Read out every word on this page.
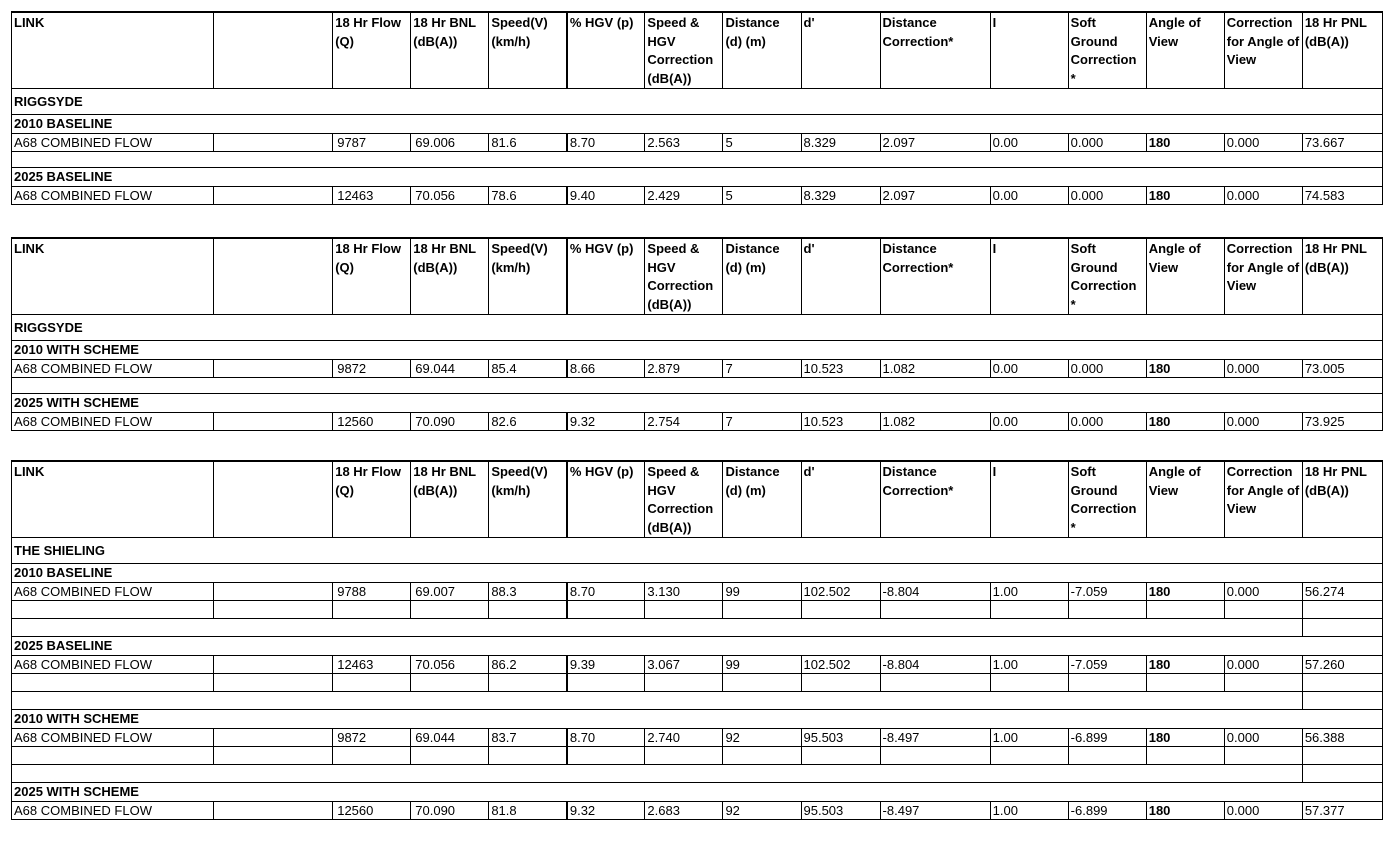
LINK		18 Hr Flow (Q)	18 Hr BNL (dB(A))	Speed(V) (km/h)	% HGV (p)	Speed & HGV Correction (dB(A))	Distance (d) (m)	d'	Distance Correction*	I	Soft Ground Correction *	Angle of View	Correction for Angle of View	18 Hr PNL (dB(A))
RIGGSYDE														
2010 BASELINE														
A68 COMBINED FLOW		9787	69.006	81.6	8.70	2.563	5	8.329	2.097	0.00	0.000	180	0.000	73.667

2025 BASELINE														
A68 COMBINED FLOW		12463	70.056	78.6	9.40	2.429	5	8.329	2.097	0.00	0.000	180	0.000	74.583
LINK		18 Hr Flow (Q)	18 Hr BNL (dB(A))	Speed(V) (km/h)	% HGV (p)	Speed & HGV Correction (dB(A))	Distance (d) (m)	d'	Distance Correction*	I	Soft Ground Correction *	Angle of View	Correction for Angle of View	18 Hr PNL (dB(A))
RIGGSYDE														
2010 WITH SCHEME														
A68 COMBINED FLOW		9872	69.044	85.4	8.66	2.879	7	10.523	1.082	0.00	0.000	180	0.000	73.005

2025 WITH SCHEME														
A68 COMBINED FLOW		12560	70.090	82.6	9.32	2.754	7	10.523	1.082	0.00	0.000	180	0.000	73.925
LINK		18 Hr Flow (Q)	18 Hr BNL (dB(A))	Speed(V) (km/h)	% HGV (p)	Speed & HGV Correction (dB(A))	Distance (d) (m)	d'	Distance Correction*	I	Soft Ground Correction *	Angle of View	Correction for Angle of View	18 Hr PNL (dB(A))
THE SHIELING														
2010 BASELINE														
A68 COMBINED FLOW		9788	69.007	88.3	8.70	3.130	99	102.502	-8.804	1.00	-7.059	180	0.000	56.274

2025 BASELINE														
A68 COMBINED FLOW		12463	70.056	86.2	9.39	3.067	99	102.502	-8.804	1.00	-7.059	180	0.000	57.260

2010 WITH SCHEME														
A68 COMBINED FLOW		9872	69.044	83.7	8.70	2.740	92	95.503	-8.497	1.00	-6.899	180	0.000	56.388

2025 WITH SCHEME														
A68 COMBINED FLOW		12560	70.090	81.8	9.32	2.683	92	95.503	-8.497	1.00	-6.899	180	0.000	57.377
